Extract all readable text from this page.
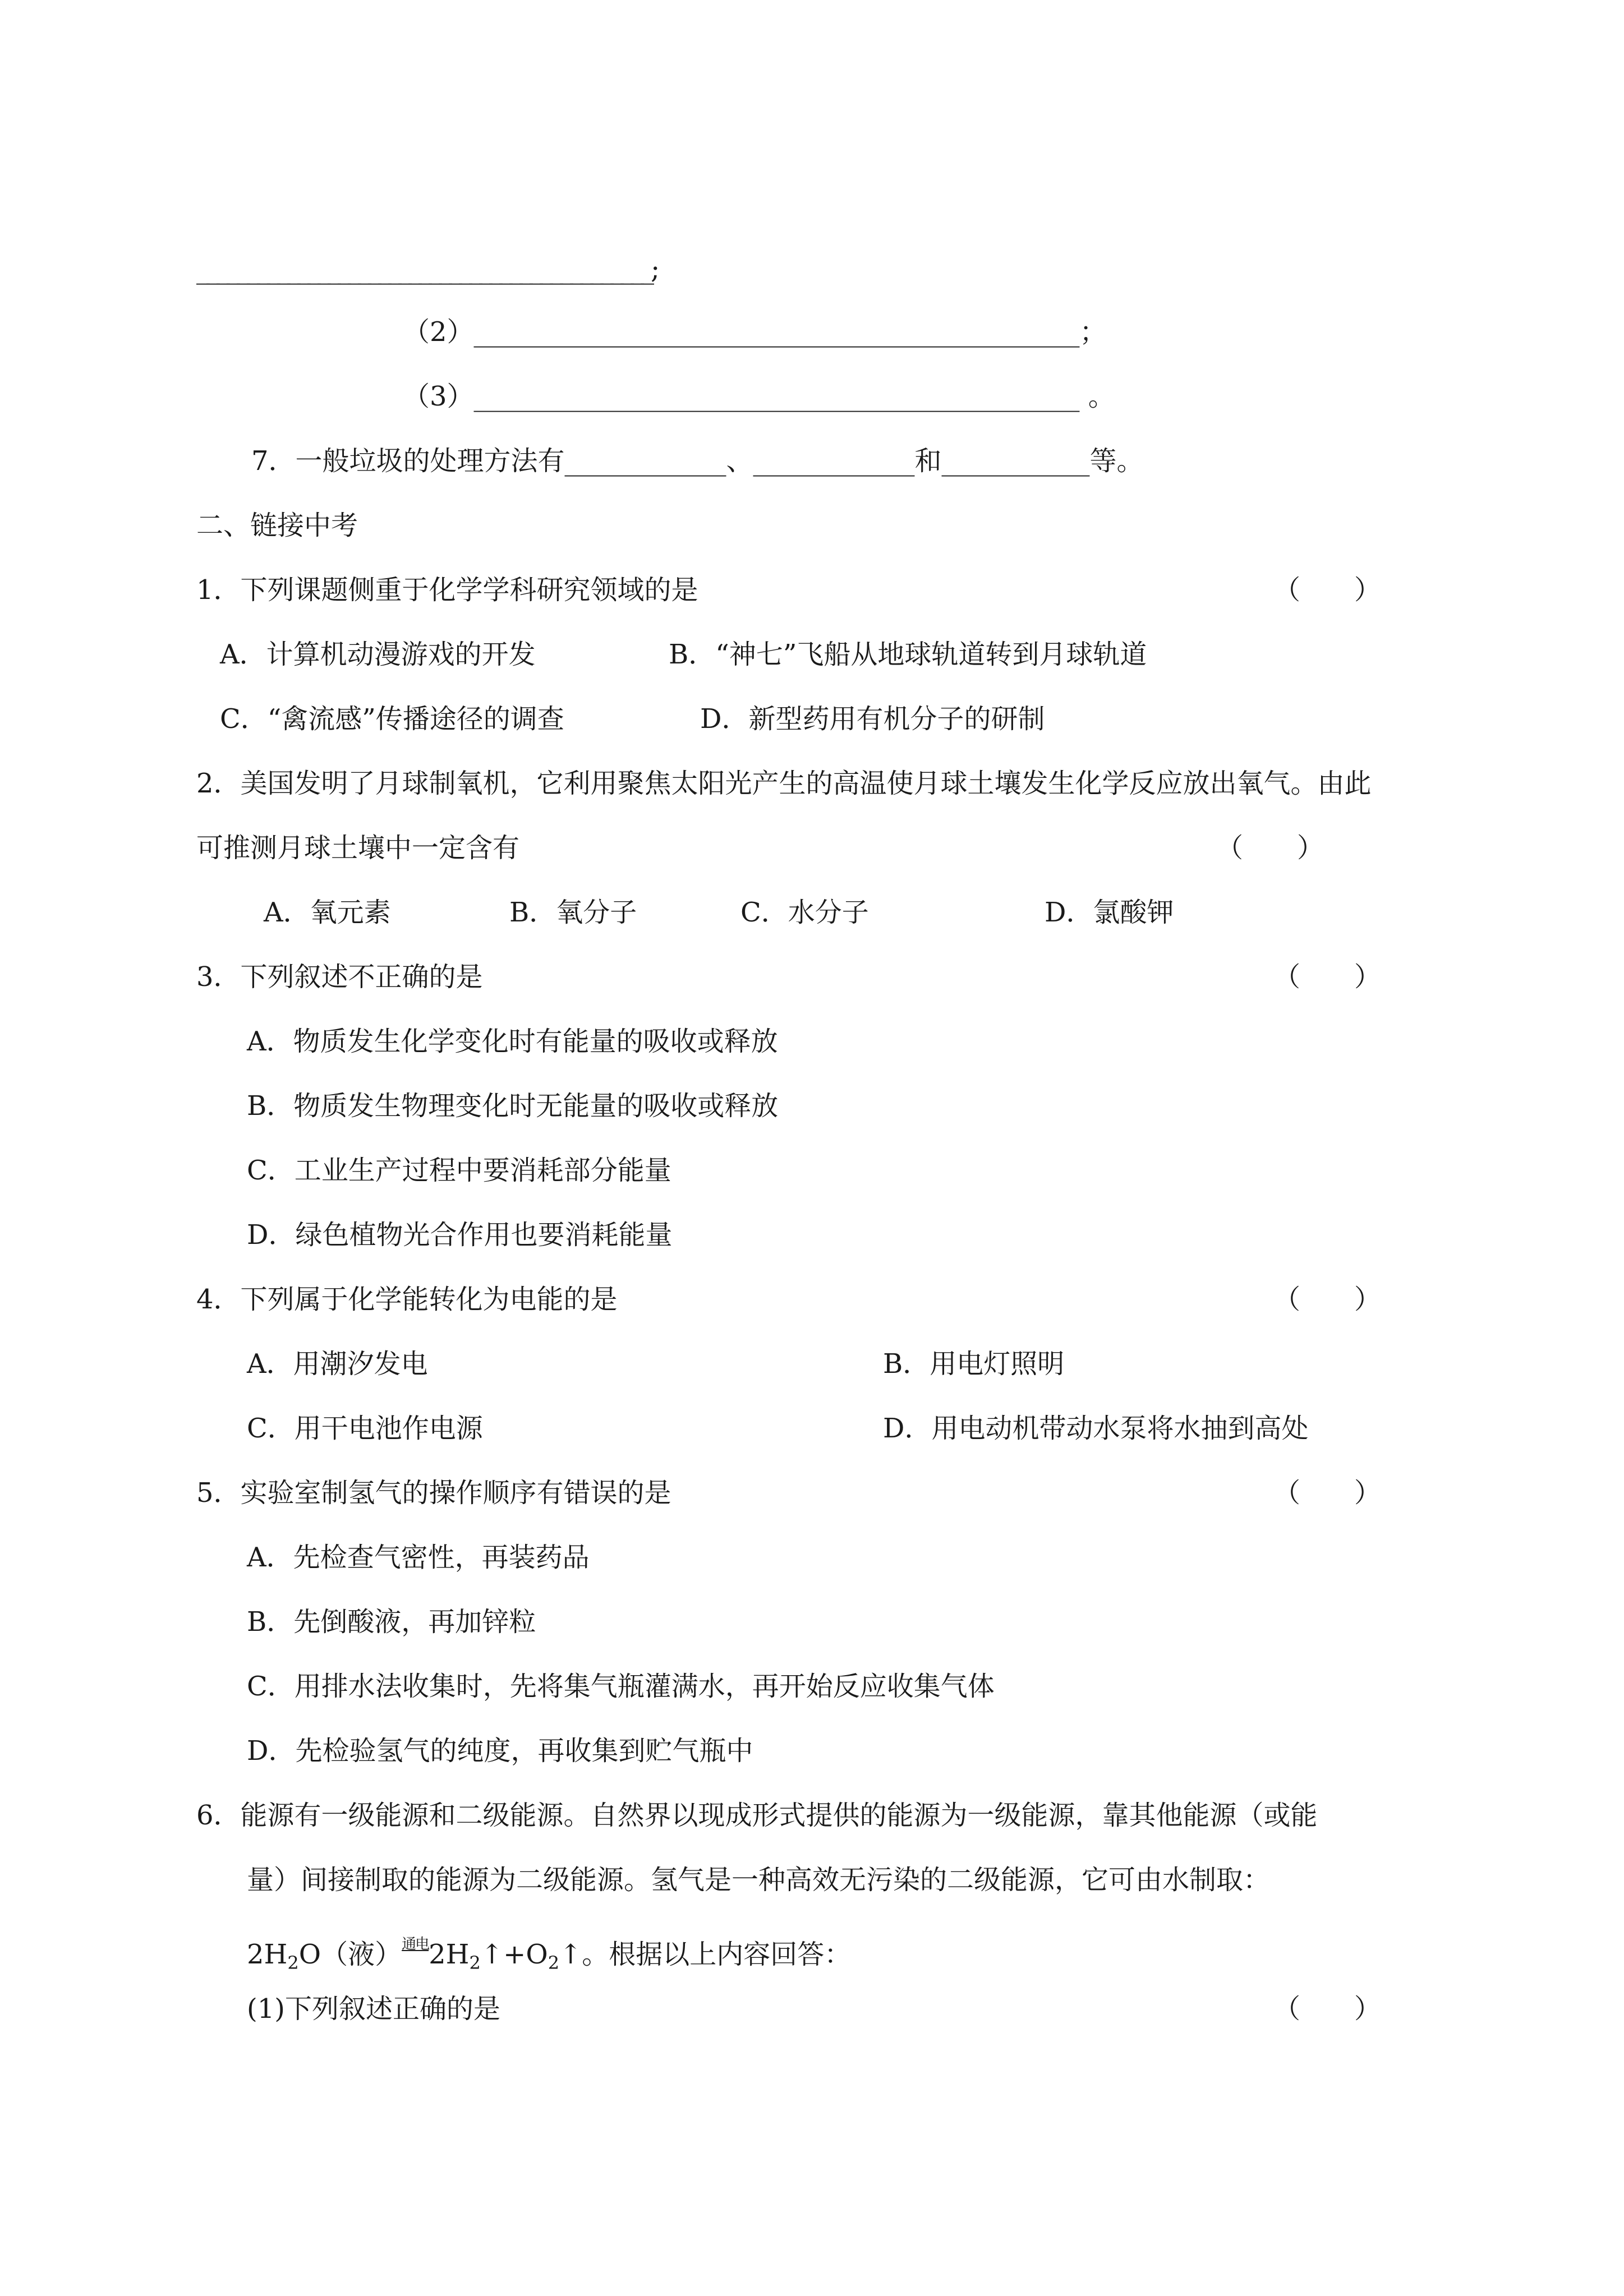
_____________________________________________;
（2）_____________________________________________；
（3）_____________________________________________ 。
7．一般垃圾的处理方法有____________、____________和___________等。
二、链接中考
1．下列课题侧重于化学学科研究领域的是	（　　）
A．计算机动漫游戏的开发	B．“神七”飞船从地球轨道转到月球轨道
C．“禽流感”传播途径的调查	D．新型药用有机分子的研制
2．美国发明了月球制氧机，它利用聚焦太阳光产生的高温使月球土壤发生化学反应放出氧气。由此
可推测月球土壤中一定含有	（　　）
A．氧元素	B．氧分子	C．水分子	D．氯酸钾
3．下列叙述不正确的是	（　　）
A．物质发生化学变化时有能量的吸收或释放
B．物质发生物理变化时无能量的吸收或释放
C．工业生产过程中要消耗部分能量
D．绿色植物光合作用也要消耗能量
4．下列属于化学能转化为电能的是	（　　）
A．用潮汐发电	B．用电灯照明
C．用干电池作电源	D．用电动机带动水泵将水抽到高处
5．实验室制氢气的操作顺序有错误的是	（　　）
A．先检查气密性，再装药品
B．先倒酸液，再加锌粒
C．用排水法收集时，先将集气瓶灌满水，再开始反应收集气体
D．先检验氢气的纯度，再收集到贮气瓶中
6．能源有一级能源和二级能源。自然界以现成形式提供的能源为一级能源，靠其他能源（或能
量）间接制取的能源为二级能源。氢气是一种高效无污染的二级能源，它可由水制取：
$2H_2O$（液）通电$2H_2↑+O_2↑$。根据以上内容回答：
(1)下列叙述正确的是	（　　）
